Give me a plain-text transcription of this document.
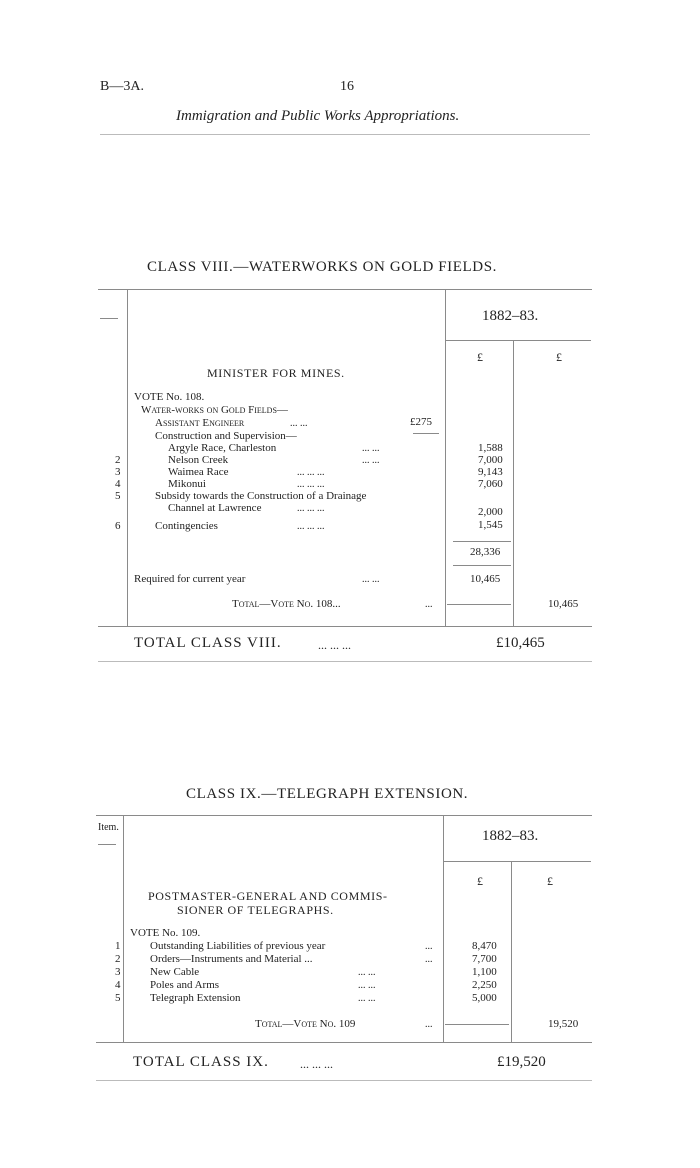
B—3A.	16
Immigration and Public Works Appropriations.
CLASS VIII.—WATERWORKS ON GOLD FIELDS.
1882–83.
£	£
MINISTER FOR MINES.
VOTE No. 108.
Water-works on Gold Fields—
Assistant Engineer	... ...	£275
Construction and Supervision—
Argyle Race, Charleston	... ...	1,588
2	Nelson Creek	... ...	7,000
3	Waimea Race	... ... ...	9,143
4	Mikonui	... ... ...	7,060
5	Subsidy towards the Construction of a Drainage
Channel at Lawrence	... ... ...	2,000
6	Contingencies	... ... ...	1,545
28,336
Required for current year	... ...	10,465
Total—Vote No. 108...	...	10,465
TOTAL CLASS VIII.	... ... ...	£10,465
CLASS IX.—TELEGRAPH EXTENSION.
Item.
1882–83.
£	£
POSTMASTER-GENERAL AND COMMIS-
SIONER OF TELEGRAPHS.
VOTE No. 109.
1	Outstanding Liabilities of previous year	...	8,470
2	Orders—Instruments and Material ...	...	7,700
3	New Cable	... ...	1,100
4	Poles and Arms	... ...	2,250
5	Telegraph Extension	... ...	5,000
Total—Vote No. 109	...	19,520
TOTAL CLASS IX.	... ... ...	£19,520
